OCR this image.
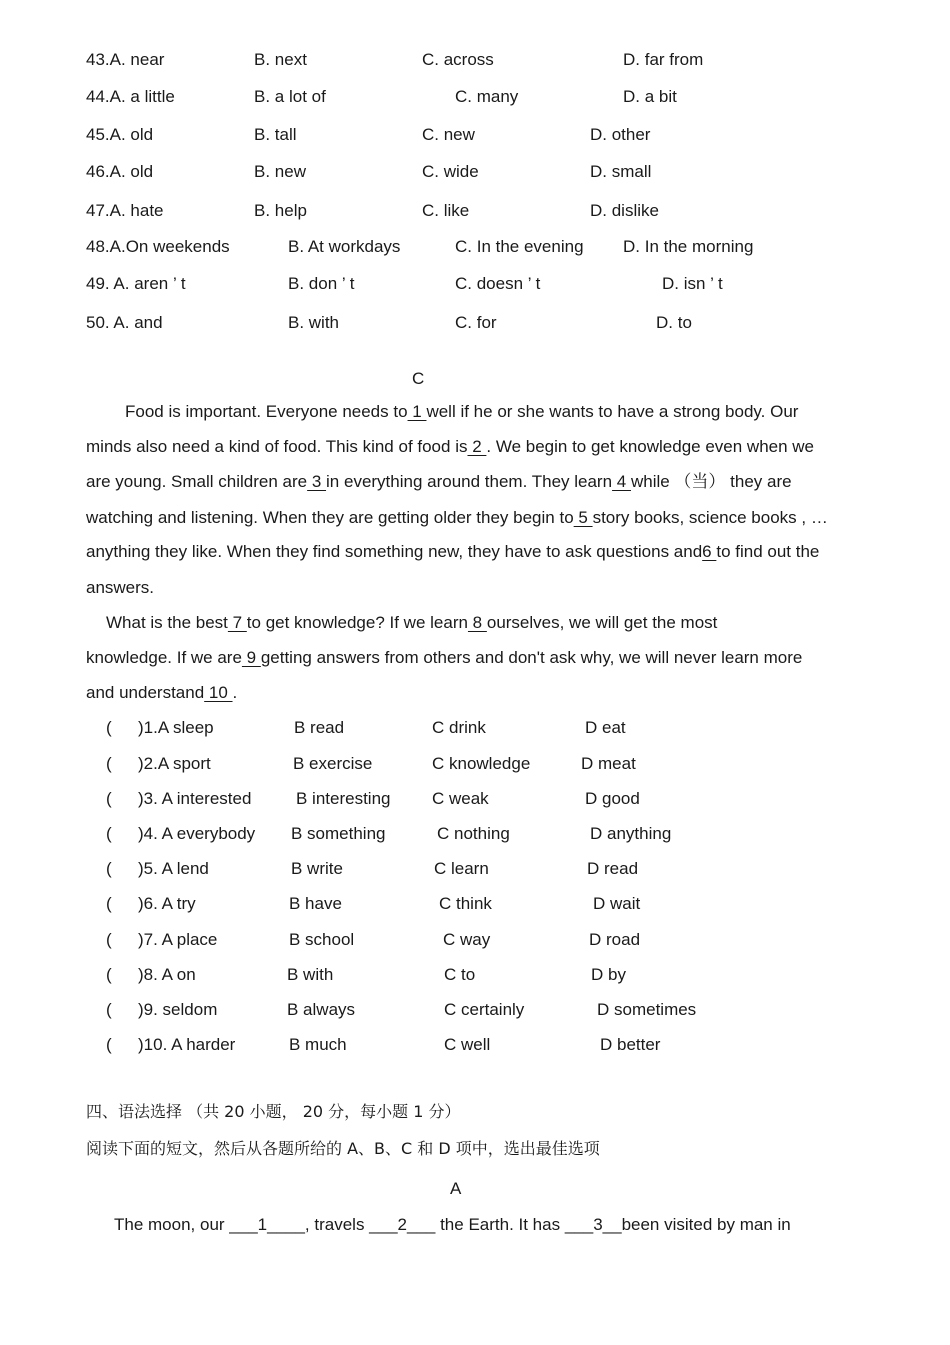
43.A. near	B. next	C. across	D. far from
44.A. a little	B. a lot of	C. many	D. a bit
45.A. old	B. tall	C. new	D. other
46.A. old	B. new	C. wide	D. small
47.A. hate	B. help	C. like	D. dislike
48.A.On weekends	B. At workdays	C. In the evening D. In the morning
49. A. aren ’ t	B. don ’ t	C. doesn ’ t	D. isn ’ t
50. A. and	B. with	C. for	D. to
C
Food is important. Everyone needs to 1 well if he or she wants to have a strong body. Our
minds also need a kind of food. This kind of food is 2 . We begin to get knowledge even when we
are young. Small children are 3 in everything around them. They learn 4 while （当） they are
watching and listening. When they are getting older they begin to 5 story books, science books , …
anything they like. When they find something new, they have to ask questions and6 to find out the
answers.
What is the best 7 to get knowledge? If we learn 8 ourselves, we will get the most
knowledge. If we are 9 getting answers from others and don't ask why, we will never learn more
and understand 10 .
( )1.A sleep	B read	C drink	D eat
( )2.A sport	B exercise	C knowledge	D meat
( )3. A interested	B interesting C weak	D good
( )4. A everybody B something	C nothing	D anything
( )5. A lend	B write	C learn	D read
( )6. A try	B have	C think	D wait
( )7. A place	B school	C way	D road
( )8. A on	B with	C to	D by
( )9. seldom	B always	C certainly	D sometimes
( )10. A harder	B much	C well	D better
四、语法选择 （共 20 小题， 20 分，每小题 1 分）
阅读下面的短文，然后从各题所给的 A、B、C 和 D 项中，选出最佳选项
A
The moon, our ___1____, travels ___2___ the Earth. It has ___3__been visited by man in
